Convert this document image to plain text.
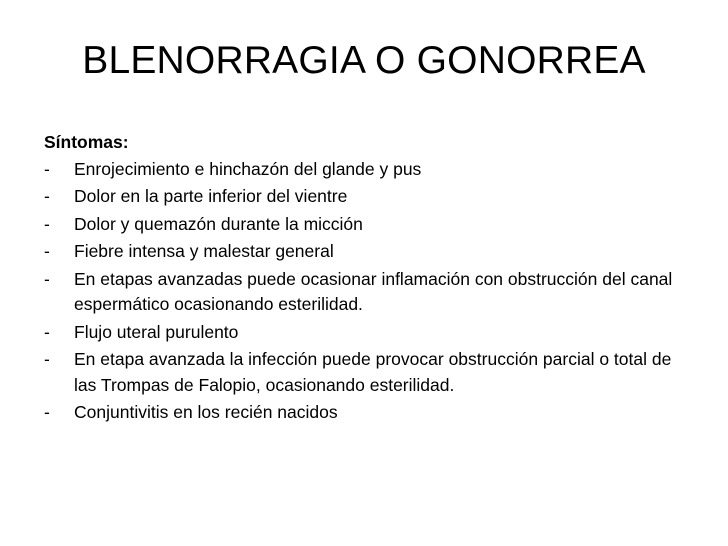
BLENORRAGIA O GONORREA
Síntomas:
- Enrojecimiento e hinchazón del glande y pus
- Dolor en la parte inferior del vientre
- Dolor y quemazón durante la micción
- Fiebre intensa y malestar general
- En etapas avanzadas puede ocasionar inflamación con obstrucción del canal espermático ocasionando esterilidad.
- Flujo uteral purulento
- En etapa avanzada la infección puede provocar obstrucción parcial o total de las Trompas de Falopio, ocasionando esterilidad.
- Conjuntivitis en los recién nacidos
